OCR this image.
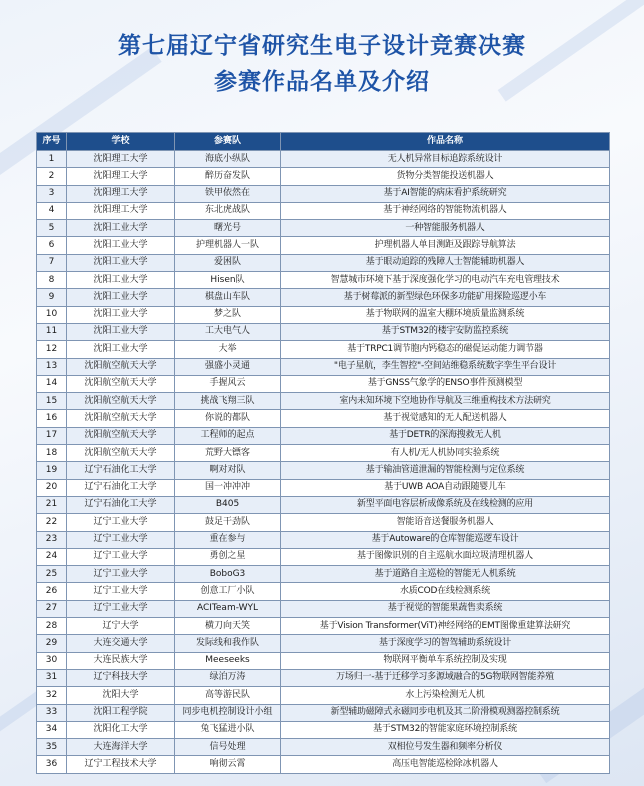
第七届辽宁省研究生电子设计竞赛决赛
参赛作品名单及介绍
序号	学校	参赛队	作品名称
1	沈阳理工大学	海底小纵队	无人机异常目标追踪系统设计
2	沈阳理工大学	醉历奋发队	货物分类智能投送机器人
3	沈阳理工大学	铁甲依然在	基于AI智能的病床看护系统研究
4	沈阳理工大学	东北虎战队	基于神经网络的智能物流机器人
5	沈阳工业大学	曙光号	一种智能服务机器人
6	沈阳工业大学	护理机器人一队	护理机器人单目测距及跟踪导航算法
7	沈阳工业大学	爱困队	基于眼动追踪的残障人士智能辅助机器人
8	沈阳工业大学	Hisen队	智慧城市环境下基于深度强化学习的电动汽车充电管理技术
9	沈阳工业大学	棋盘山车队	基于树莓派的新型绿色环保多功能矿用探险巡逻小车
10	沈阳工业大学	梦之队	基于物联网的温室大棚环境质量监测系统
11	沈阳工业大学	工大电气人	基于STM32的楼宇安防监控系统
12	沈阳工业大学	大举	基于TRPC1调节胞内钙稳态的磁促运动能力调节器
13	沈阳航空航天大学	强盛小灵通	"电子星航，李生智控"-空间站维稳系统数字孪生平台设计
14	沈阳航空航天大学	手握风云	基于GNSS气象学的ENSO事件预测模型
15	沈阳航空航天大学	挑战飞翔三队	室内未知环境下空地协作导航及三维重构技术方法研究
16	沈阳航空航天大学	你说的都队	基于视觉感知的无人配送机器人
17	沈阳航空航天大学	工程师的起点	基于DETR的深海搜救无人机
18	沈阳航空航天大学	荒野大镖客	有人机/无人机协同实验系统
19	辽宁石油化工大学	啊对对队	基于输油管道泄漏的智能检测与定位系统
20	辽宁石油化工大学	国一冲冲冲	基于UWB AOA自动跟随婴儿车
21	辽宁石油化工大学	B405	新型平面电容层析成像系统及在线检测的应用
22	辽宁工业大学	鼓足干劲队	智能语音送餐服务机器人
23	辽宁工业大学	重在参与	基于Autoware的仓库智能巡逻车设计
24	辽宁工业大学	勇创之星	基于图像识别的自主巡航水面垃圾清理机器人
25	辽宁工业大学	BoboG3	基于道路自主巡检的智能无人机系统
26	辽宁工业大学	创意工厂小队	水质COD在线检测系统
27	辽宁工业大学	ACITeam-WYL	基于视觉的智能果蔬售卖系统
28	辽宁大学	横刀向天笑	基于Vision Transformer(ViT)神经网络的EMT图像重建算法研究
29	大连交通大学	发际线和我作队	基于深度学习的智驾辅助系统设计
30	大连民族大学	Meeseeks	物联网平衡单车系统控制及实现
31	辽宁科技大学	绿泊万涛	万场归一-基于迁移学习多源域融合的5G物联网智能养殖
32	沈阳大学	高等游民队	水上污染检测无人机
33	沈阳工程学院	同步电机控制设计小组	新型辅助磁障式永磁同步电机及其二阶滑模观测器控制系统
34	沈阳化工大学	兔飞猛进小队	基于STM32的智能家庭环境控制系统
35	大连海洋大学	信号处理	双相位号发生器和频率分析仪
36	辽宁工程技术大学	响彻云霄	高压电智能巡检除冰机器人
